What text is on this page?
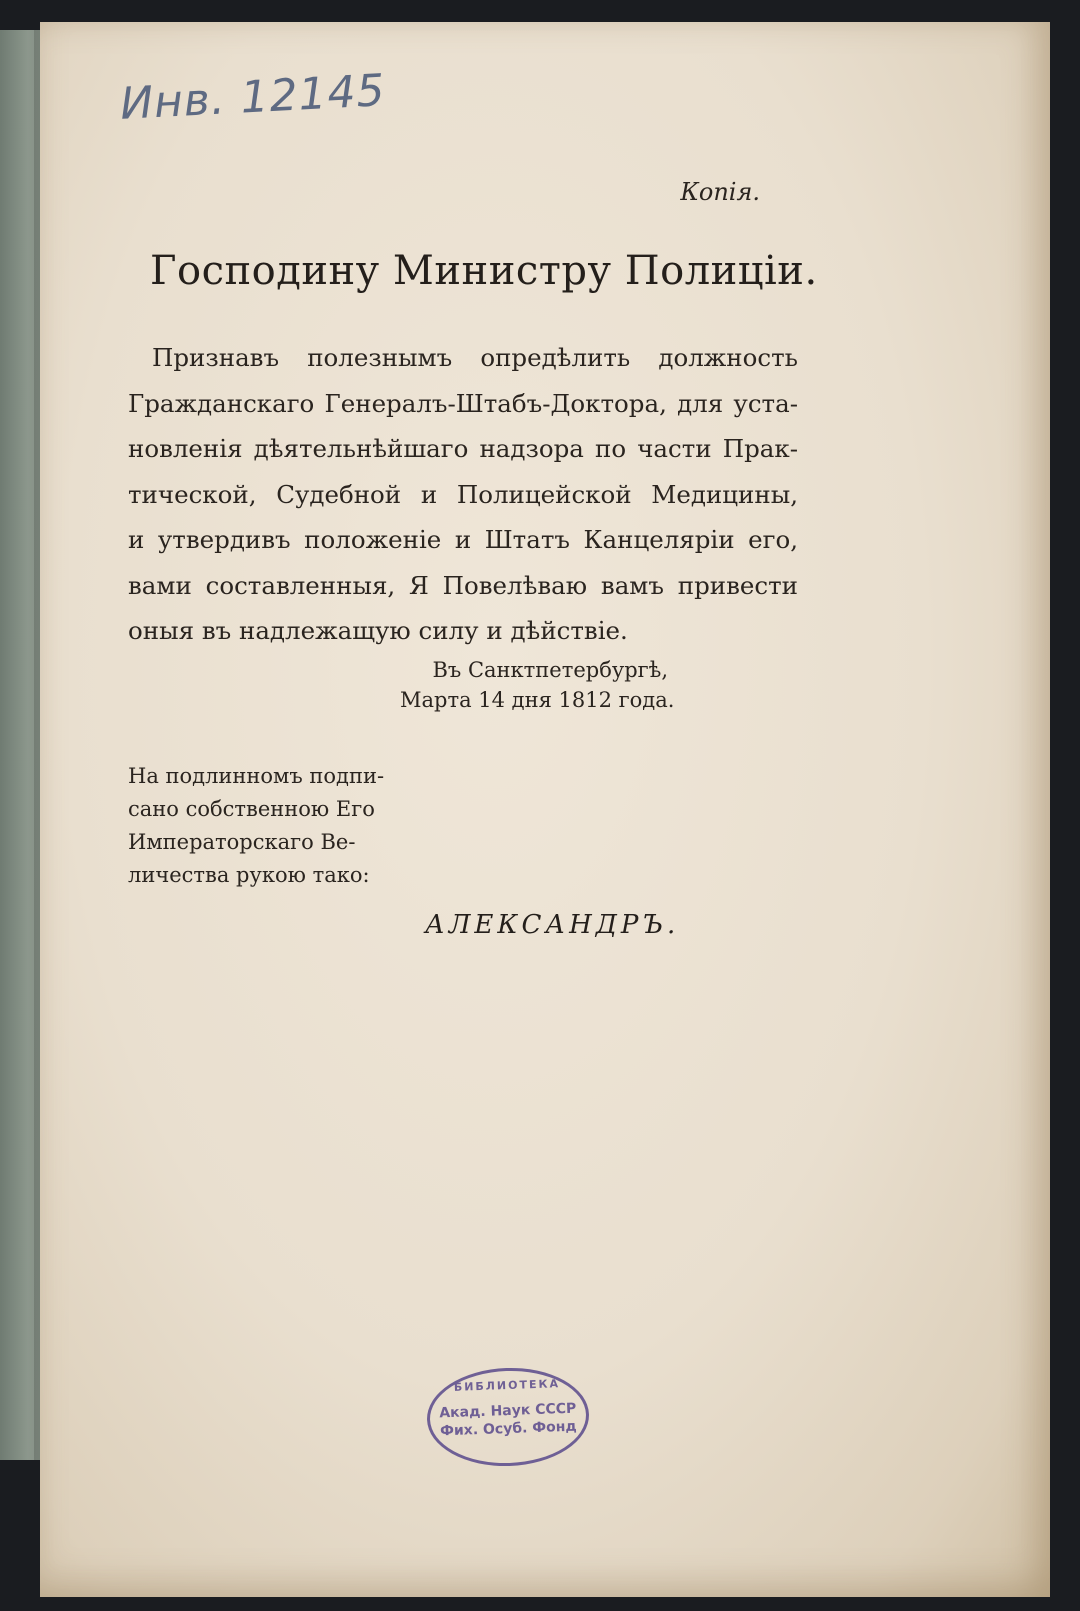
Инв. 12145
Копія.
Господину Министру Полиціи.
Признавъ полезнымъ опредѣлить должность
Гражданскаго Генералъ-Штабъ-Доктора, для уста-
новленія дѣятельнѣйшаго надзора по части Прак-
тической, Судебной и Полицейской Медицины,
и утвердивъ положеніе и Штатъ Канцеляріи его,
вами составленныя, Я Повелѣваю вамъ привести
оныя въ надлежащую силу и дѣйствіе.
Въ Санктпетербургѣ,
Марта 14 дня 1812 года.
На подлинномъ подпи-
сано собственною Его
Императорскаго Ве-
личества рукою тако:
АЛЕКСАНДРЪ.
БИБЛИОТЕКА
Акад. Наук СССР
Фих. Осуб. Фонд
